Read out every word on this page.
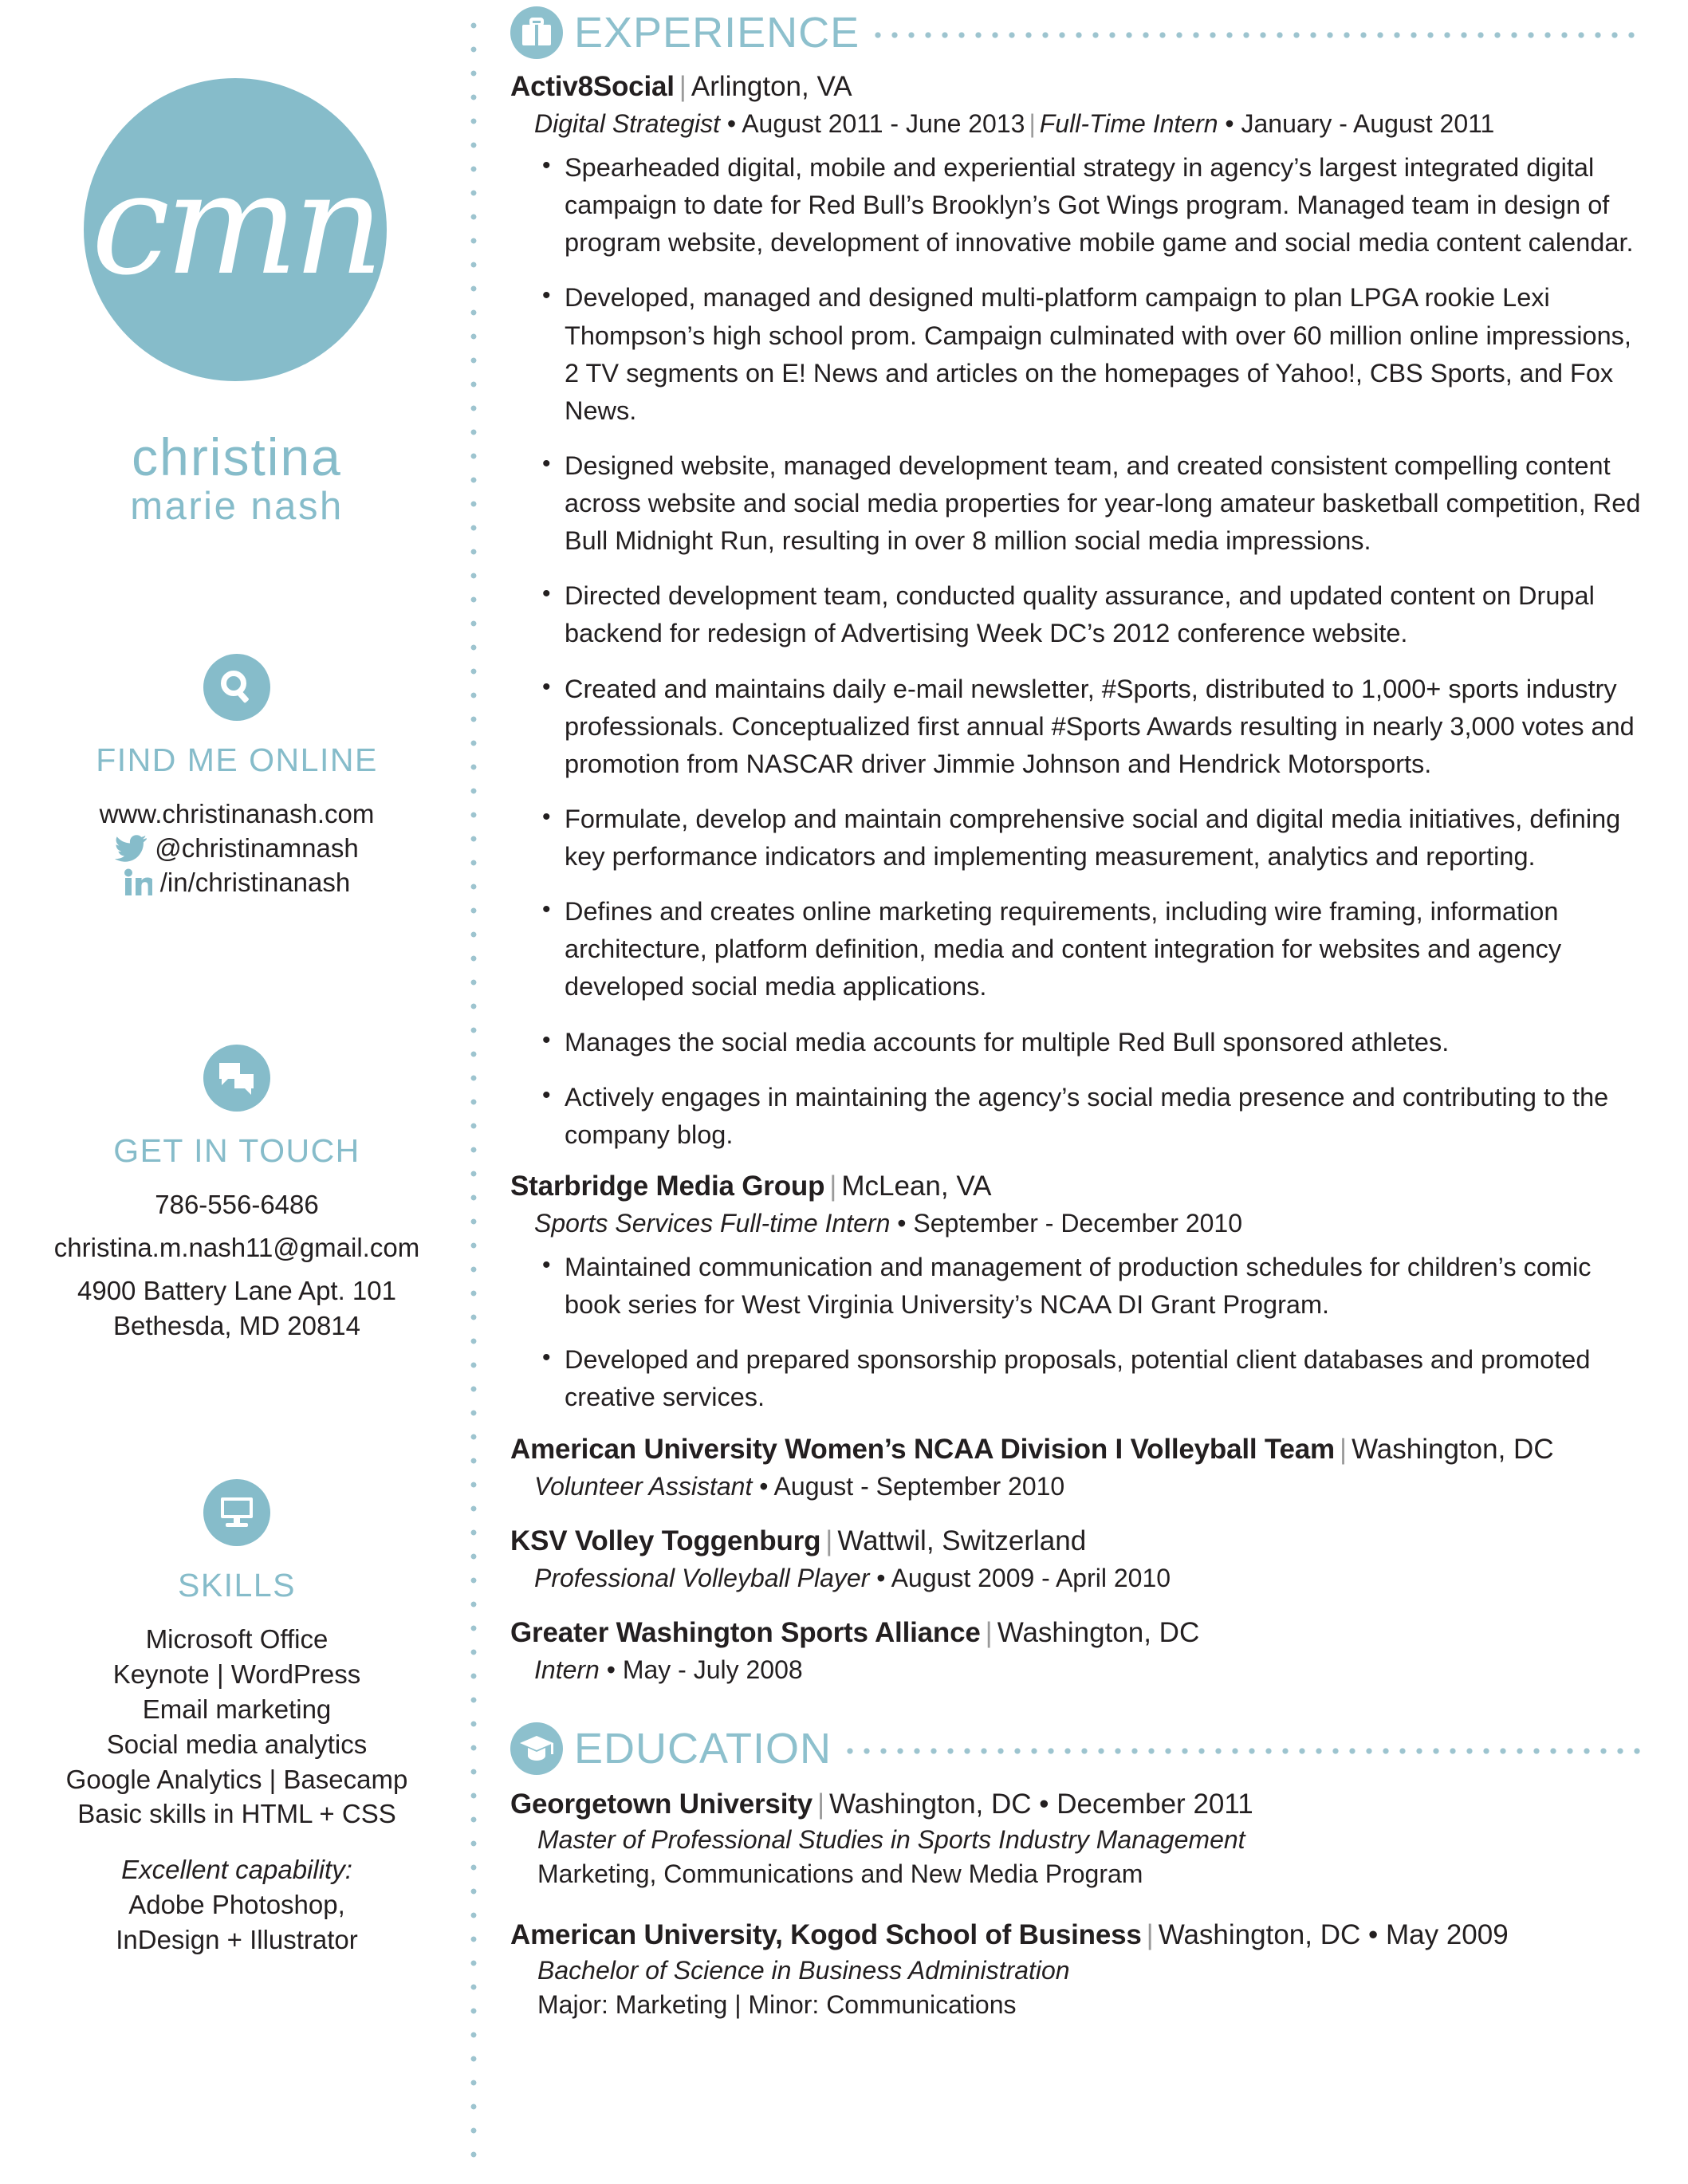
cmn
christina
marie nash
FIND ME ONLINE
www.christinanash.com
@christinamnash
/in/christinanash
GET IN TOUCH
786-556-6486
christina.m.nash11@gmail.com
4900 Battery Lane Apt. 101
Bethesda, MD 20814
SKILLS
Microsoft Office
Keynote | WordPress
Email marketing
Social media analytics
Google Analytics | Basecamp
Basic skills in HTML + CSS
Excellent capability:
Adobe Photoshop,
InDesign + Illustrator
EXPERIENCE
Activ8Social | Arlington, VA
Digital Strategist • August 2011 - June 2013 | Full-Time Intern • January - August 2011

• Spearheaded digital, mobile and experiential strategy in agency’s largest integrated digital campaign to date for Red Bull’s Brooklyn’s Got Wings program. Managed team in design of program website, development of innovative mobile game and social media content calendar.

• Developed, managed and designed multi-platform campaign to plan LPGA rookie Lexi Thompson’s high school prom. Campaign culminated with over 60 million online impressions, 2 TV segments on E! News and articles on the homepages of Yahoo!, CBS Sports, and Fox News.

• Designed website, managed development team, and created consistent compelling content across website and social media properties for year-long amateur basketball competition, Red Bull Midnight Run, resulting in over 8 million social media impressions.

• Directed development team, conducted quality assurance, and updated content on Drupal backend for redesign of Advertising Week DC’s 2012 conference website.

• Created and maintains daily e-mail newsletter, #Sports, distributed to 1,000+ sports industry professionals. Conceptualized first annual #Sports Awards resulting in nearly 3,000 votes and promotion from NASCAR driver Jimmie Johnson and Hendrick Motorsports.

• Formulate, develop and maintain comprehensive social and digital media initiatives, defining key performance indicators and implementing measurement, analytics and reporting.

• Defines and creates online marketing requirements, including wire framing, information architecture, platform definition, media and content integration for websites and agency developed social media applications.

• Manages the social media accounts for multiple Red Bull sponsored athletes.

• Actively engages in maintaining the agency’s social media presence and contributing to the company blog.

Starbridge Media Group | McLean, VA
Sports Services Full-time Intern • September - December 2010

• Maintained communication and management of production schedules for children’s comic book series for West Virginia University’s NCAA DI Grant Program.

• Developed and prepared sponsorship proposals, potential client databases and promoted creative services.

American University Women’s NCAA Division I Volleyball Team | Washington, DC
Volunteer Assistant • August - September 2010
KSV Volley Toggenburg | Wattwil, Switzerland
Professional Volleyball Player • August 2009 - April 2010
Greater Washington Sports Alliance | Washington, DC
Intern • May - July 2008
EDUCATION
Georgetown University | Washington, DC • December 2011
Master of Professional Studies in Sports Industry Management
Marketing, Communications and New Media Program
American University, Kogod School of Business | Washington, DC • May 2009
Bachelor of Science in Business Administration
Major: Marketing | Minor: Communications
